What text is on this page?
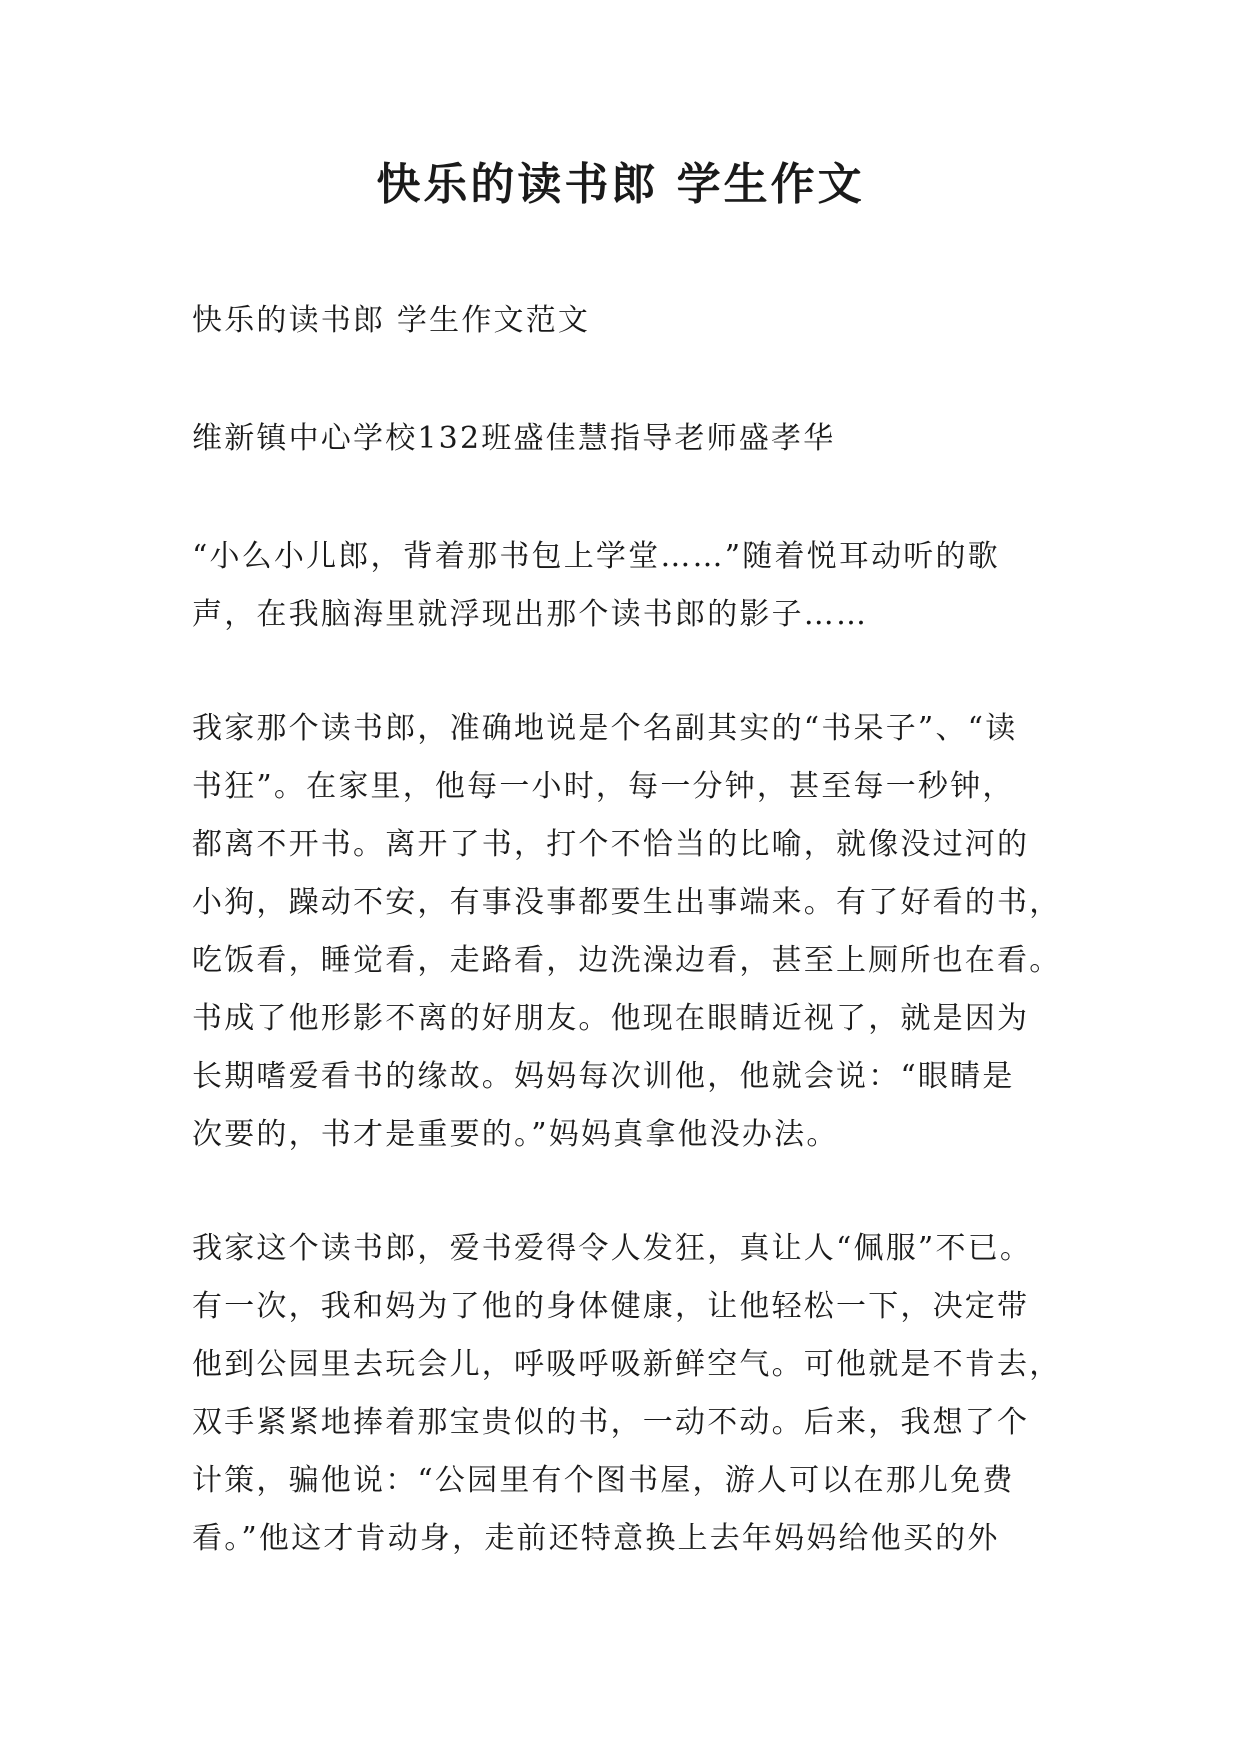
快乐的读书郎 学生作文
快乐的读书郎 学生作文范文
维新镇中心学校132班盛佳慧指导老师盛孝华
“小么小儿郎，背着那书包上学堂……”随着悦耳动听的歌
声，在我脑海里就浮现出那个读书郎的影子……
我家那个读书郎，准确地说是个名副其实的“书呆子”、“读
书狂”。在家里，他每一小时，每一分钟，甚至每一秒钟，
都离不开书。离开了书，打个不恰当的比喻，就像没过河的
小狗，躁动不安，有事没事都要生出事端来。有了好看的书，
吃饭看，睡觉看，走路看，边洗澡边看，甚至上厕所也在看。
书成了他形影不离的好朋友。他现在眼睛近视了，就是因为
长期嗜爱看书的缘故。妈妈每次训他，他就会说：“眼睛是
次要的，书才是重要的。”妈妈真拿他没办法。
我家这个读书郎，爱书爱得令人发狂，真让人“佩服”不已。
有一次，我和妈为了他的身体健康，让他轻松一下，决定带
他到公园里去玩会儿，呼吸呼吸新鲜空气。可他就是不肯去，
双手紧紧地捧着那宝贵似的书，一动不动。后来，我想了个
计策，骗他说：“公园里有个图书屋，游人可以在那儿免费
看。”他这才肯动身，走前还特意换上去年妈妈给他买的外
